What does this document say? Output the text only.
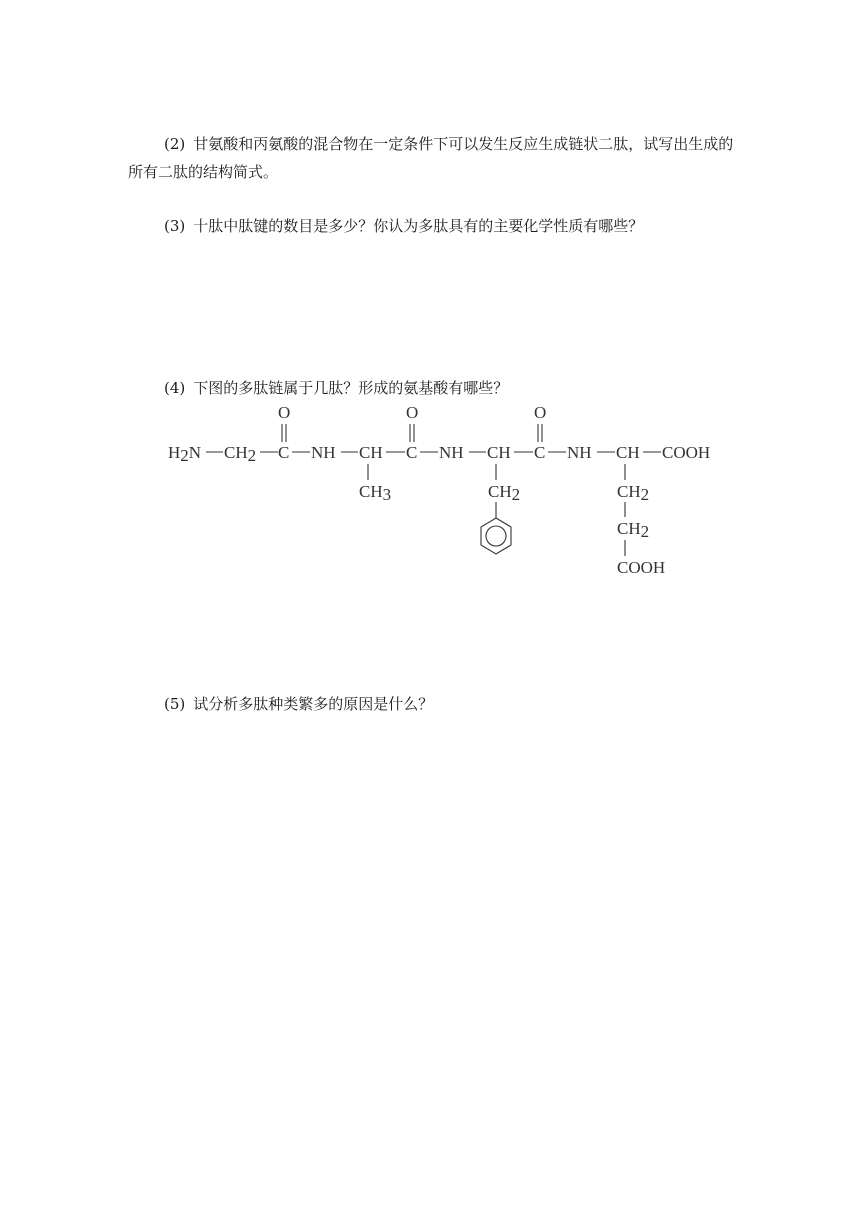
(2) 甘氨酸和丙氨酸的混合物在一定条件下可以发生反应生成链状二肽，试写出生成的所有二肽的结构简式。

(3) 十肽中肽键的数目是多少？你认为多肽具有的主要化学性质有哪些？

(4) 下图的多肽链属于几肽？形成的氨基酸有哪些？

H2N CH2 C
O
NH CH
CH3
C
O
NH CH
CH2
C
O
NH CH COOH
CH2
CH2
COOH

(5) 试分析多肽种类繁多的原因是什么？
